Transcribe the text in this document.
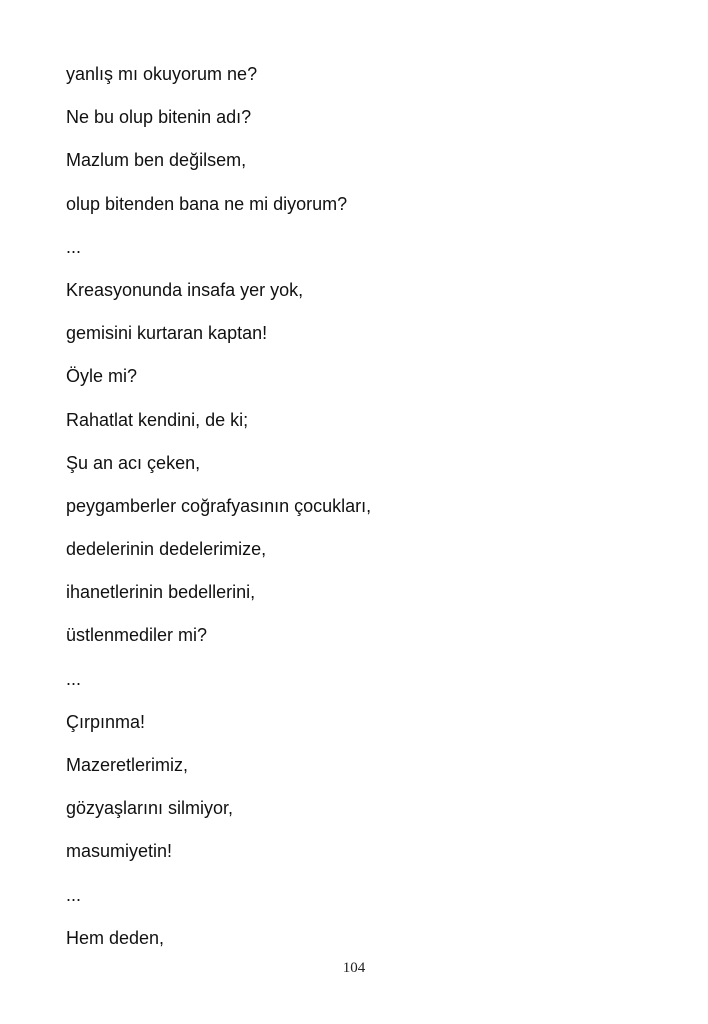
yanlış mı okuyorum ne?
Ne bu olup bitenin adı?
Mazlum ben değilsem,
olup bitenden bana ne mi diyorum?
...
Kreasyonunda insafa yer yok,
gemisini kurtaran kaptan!
Öyle mi?
Rahatlat kendini, de ki;
Şu an acı çeken,
peygamberler coğrafyasının çocukları,
dedelerinin dedelerimize,
ihanetlerinin bedellerini,
üstlenmediler mi?
...
Çırpınma!
Mazeretlerimiz,
gözyaşlarını silmiyor,
masumiyetin!
...
Hem deden,
104
